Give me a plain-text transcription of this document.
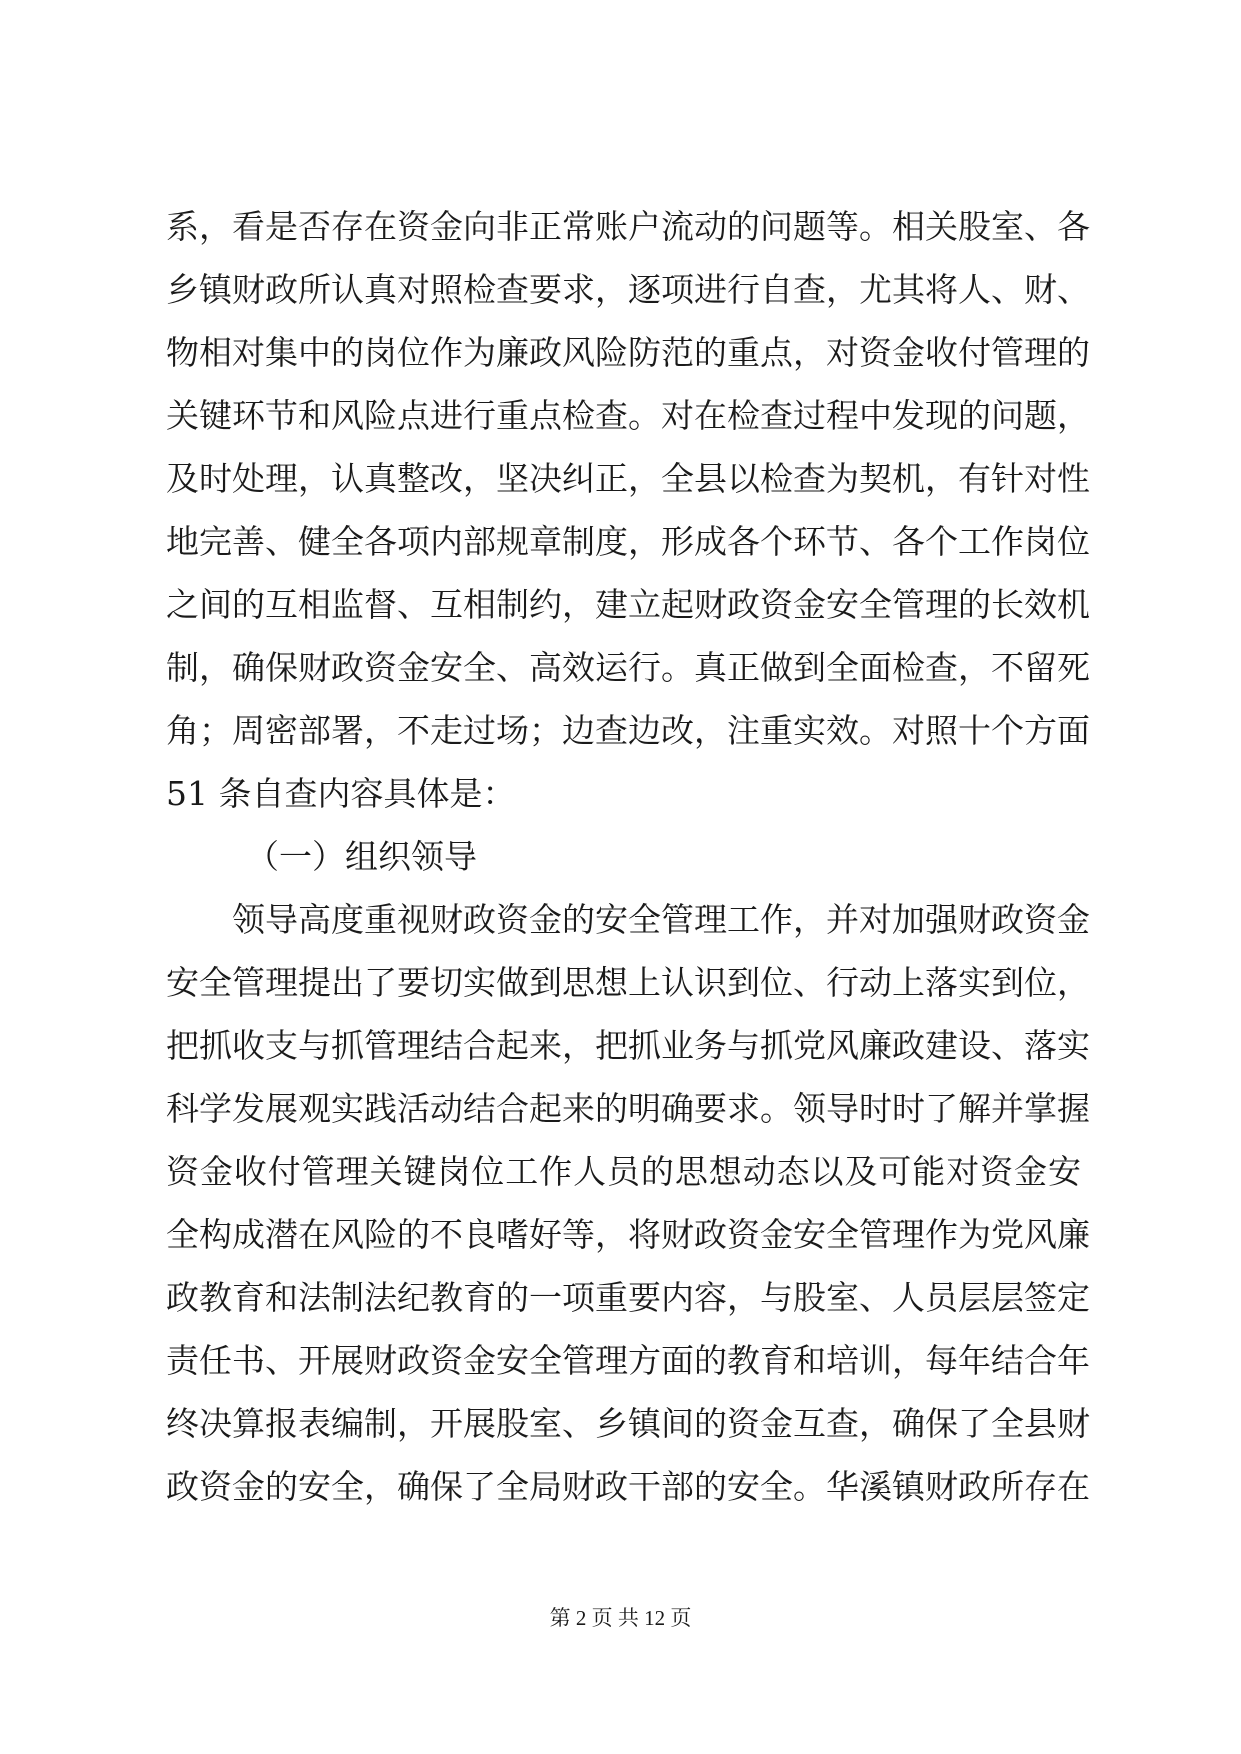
系，看是否存在资金向非正常账户流动的问题等。相关股室、各
乡镇财政所认真对照检查要求，逐项进行自查，尤其将人、财、
物相对集中的岗位作为廉政风险防范的重点，对资金收付管理的
关键环节和风险点进行重点检查。对在检查过程中发现的问题，
及时处理，认真整改，坚决纠正，全县以检查为契机，有针对性
地完善、健全各项内部规章制度，形成各个环节、各个工作岗位
之间的互相监督、互相制约，建立起财政资金安全管理的长效机
制，确保财政资金安全、高效运行。真正做到全面检查，不留死
角；周密部署，不走过场；边查边改，注重实效。对照十个方面
51 条自查内容具体是：
（一）组织领导
领导高度重视财政资金的安全管理工作，并对加强财政资金
安全管理提出了要切实做到思想上认识到位、行动上落实到位，
把抓收支与抓管理结合起来，把抓业务与抓党风廉政建设、落实
科学发展观实践活动结合起来的明确要求。领导时时了解并掌握
资金收付管理关键岗位工作人员的思想动态以及可能对资金安
全构成潜在风险的不良嗜好等，将财政资金安全管理作为党风廉
政教育和法制法纪教育的一项重要内容，与股室、人员层层签定
责任书、开展财政资金安全管理方面的教育和培训，每年结合年
终决算报表编制，开展股室、乡镇间的资金互查，确保了全县财
政资金的安全，确保了全局财政干部的安全。华溪镇财政所存在
第 2 页 共 12 页
